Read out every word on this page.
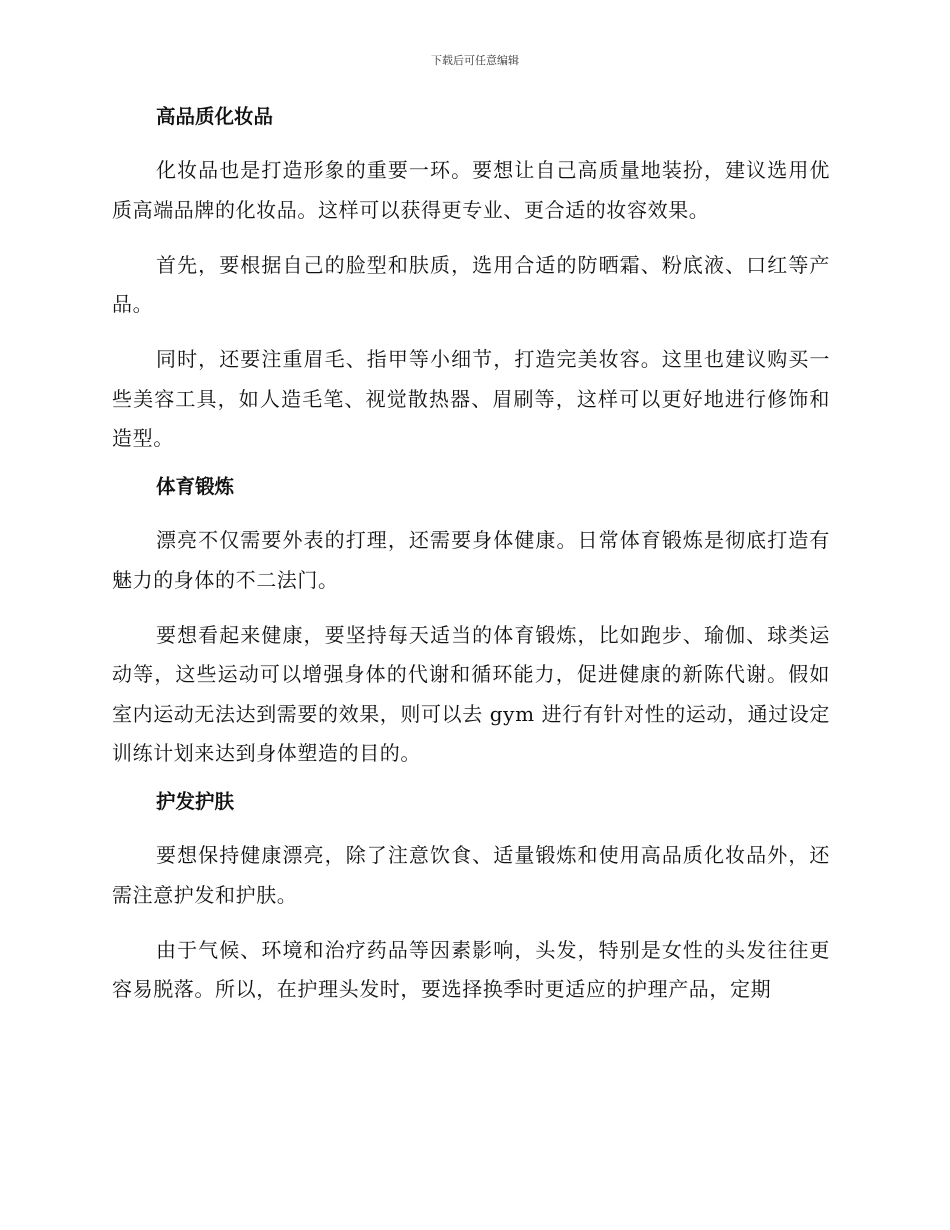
下载后可任意编辑
高品质化妆品

化妆品也是打造形象的重要一环。要想让自己高质量地装扮，建议选用优质高端品牌的化妆品。这样可以获得更专业、更合适的妆容效果。

首先，要根据自己的脸型和肤质，选用合适的防晒霜、粉底液、口红等产品。

同时，还要注重眉毛、指甲等小细节，打造完美妆容。这里也建议购买一些美容工具，如人造毛笔、视觉散热器、眉刷等，这样可以更好地进行修饰和造型。

体育锻炼

漂亮不仅需要外表的打理，还需要身体健康。日常体育锻炼是彻底打造有魅力的身体的不二法门。

要想看起来健康，要坚持每天适当的体育锻炼，比如跑步、瑜伽、球类运动等，这些运动可以增强身体的代谢和循环能力，促进健康的新陈代谢。假如室内运动无法达到需要的效果，则可以去 gym 进行有针对性的运动，通过设定训练计划来达到身体塑造的目的。

护发护肤

要想保持健康漂亮，除了注意饮食、适量锻炼和使用高品质化妆品外，还需注意护发和护肤。

由于气候、环境和治疗药品等因素影响，头发，特别是女性的头发往往更容易脱落。所以，在护理头发时，要选择换季时更适应的护理产品，定期
